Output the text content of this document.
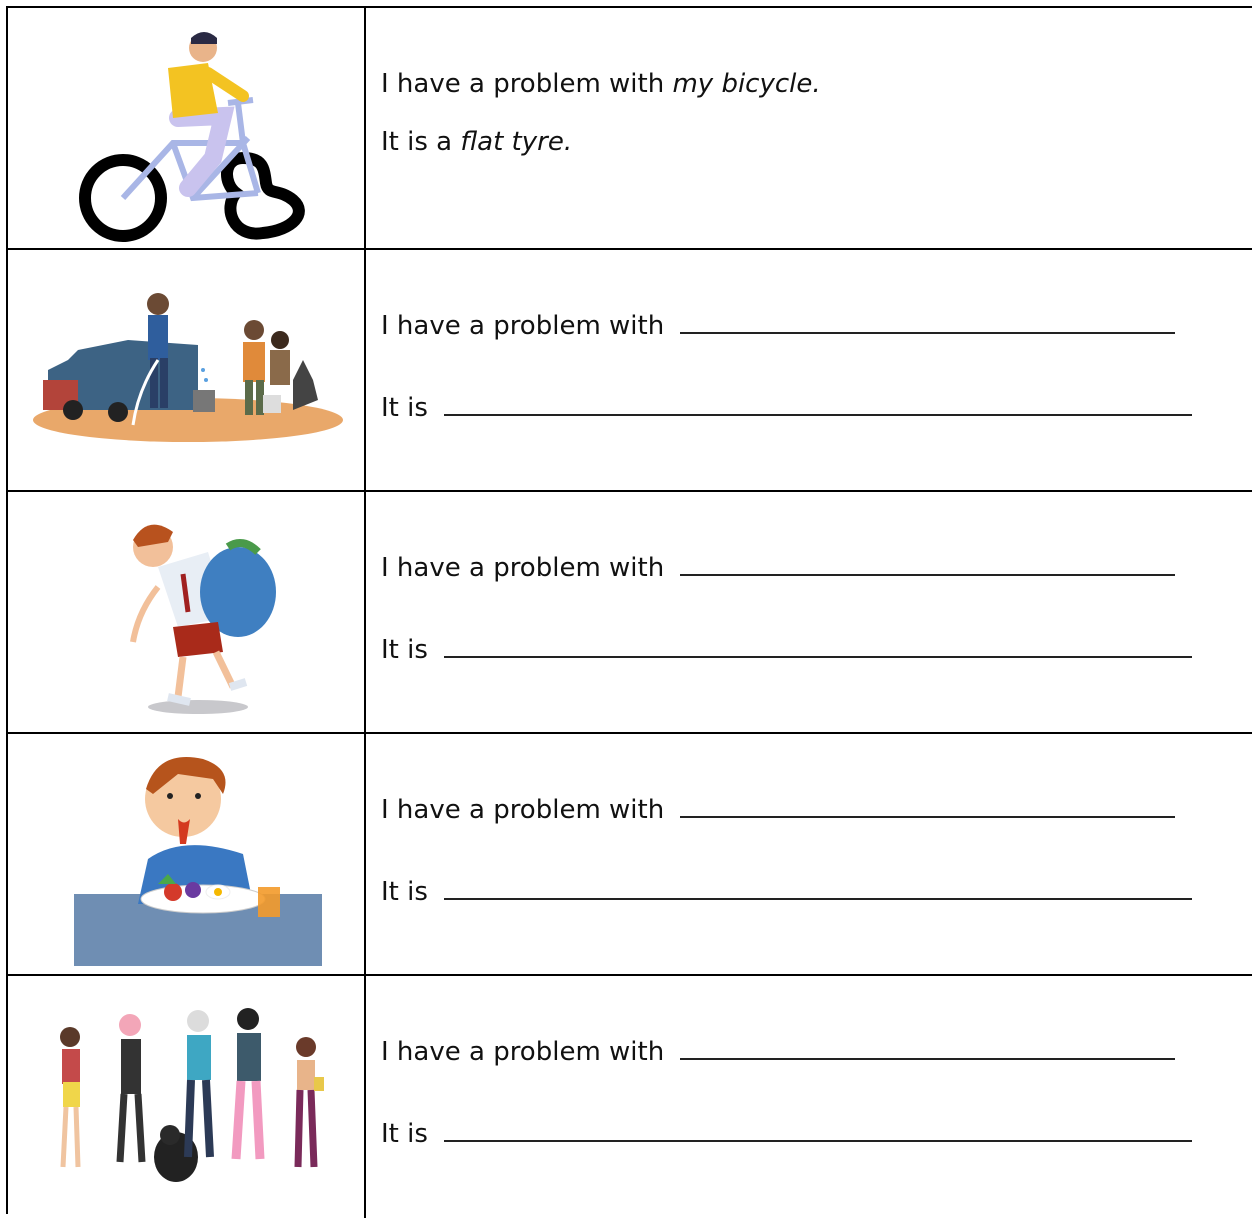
I have a problem with my bicycle.
It is a flat tyre.
I have a problem with
It is
I have a problem with
It is
I have a problem with
It is
I have a problem with
It is
